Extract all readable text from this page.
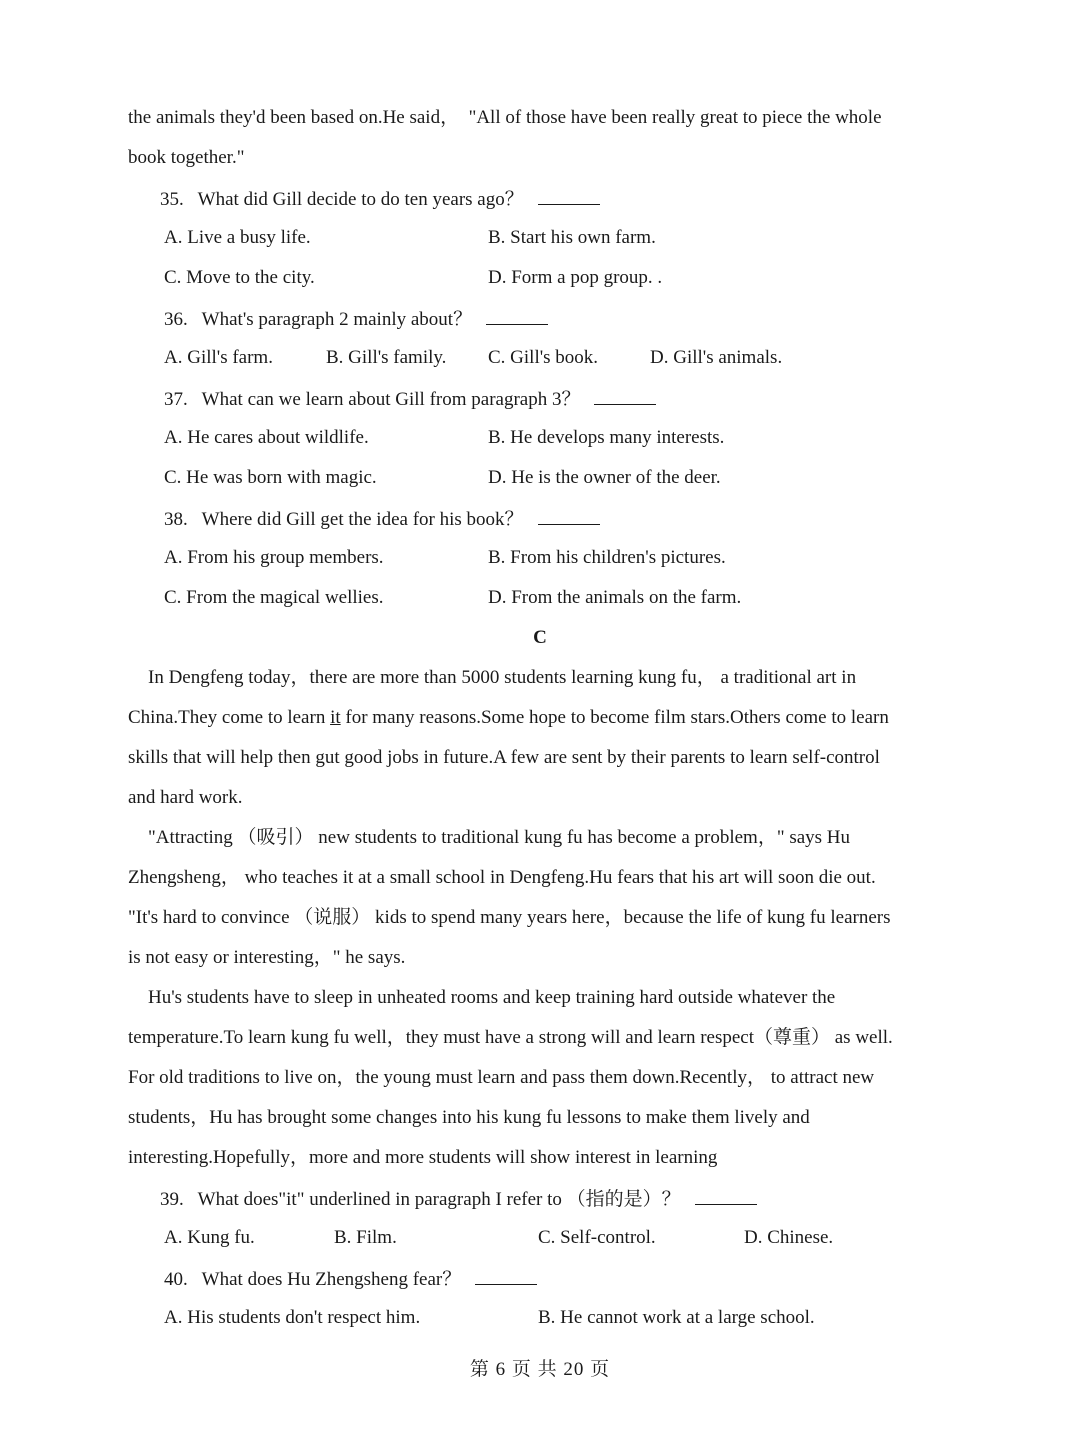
the animals they'd been based on.He said，  "All of those have been really great to piece the whole
book together."
35. What did Gill decide to do ten years ago？
A. Live a busy life.	B. Start his own farm.
C. Move to the city.	D. Form a pop group. .
36. What's paragraph 2 mainly about？
A. Gill's farm.	B. Gill's family. C. Gill's book.	D. Gill's animals.
37. What can we learn about Gill from paragraph 3？
A. He cares about wildlife.	B. He develops many interests.
C. He was born with magic.	D. He is the owner of the deer.
38. Where did Gill get the idea for his book？
A. From his group members.	B. From his children's pictures.
C. From the magical wellies.	D. From the animals on the farm.
C
In Dengfeng today，there are more than 5000 students learning kung fu， a traditional art in
China.They come to learn it for many reasons.Some hope to become film stars.Others come to learn
skills that will help then gut good jobs in future.A few are sent by their parents to learn self-control
and hard work.
"Attracting （吸引） new students to traditional kung fu has become a problem，" says Hu
Zhengsheng， who teaches it at a small school in Dengfeng.Hu fears that his art will soon die out.
"It's hard to convince （说服） kids to spend many years here，because the life of kung fu learners
is not easy or interesting，" he says.
Hu's students have to sleep in unheated rooms and keep training hard outside whatever the
temperature.To learn kung fu well，they must have a strong will and learn respect（尊重） as well.
For old traditions to live on，the young must learn and pass them down.Recently， to attract new
students，Hu has brought some changes into his kung fu lessons to make them lively and
interesting.Hopefully，more and more students will show interest in learning
39. What does"it" underlined in paragraph I refer to （指的是）？
A. Kung fu.	B. Film.	C. Self-control.	D. Chinese.
40. What does Hu Zhengsheng fear？
A. His students don't respect him.	B. He cannot work at a large school.
第 6 页 共 20 页
